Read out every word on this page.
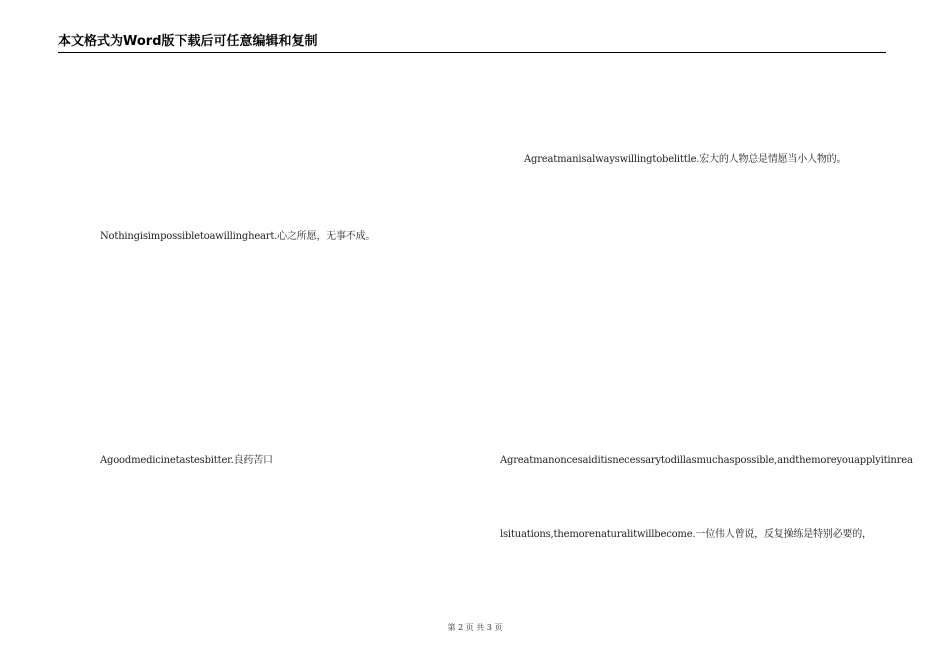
本文格式为Word版下载后可任意编辑和复制
Agreatmanisalwayswillingtobelittle.宏大的人物总是情愿当小人物的。
Nothingisimpossibletoawillingheart.心之所愿，无事不成。
Agoodmedicinetastesbitter.良药苦口	Agreatmanoncesaiditisnecessarytodillasmuchaspossible,andthemoreyouapplyitinrea
lsituations,themorenaturalitwillbecome.一位伟人曾说，反复操练是特别必要的，
第 2 页 共 3 页
